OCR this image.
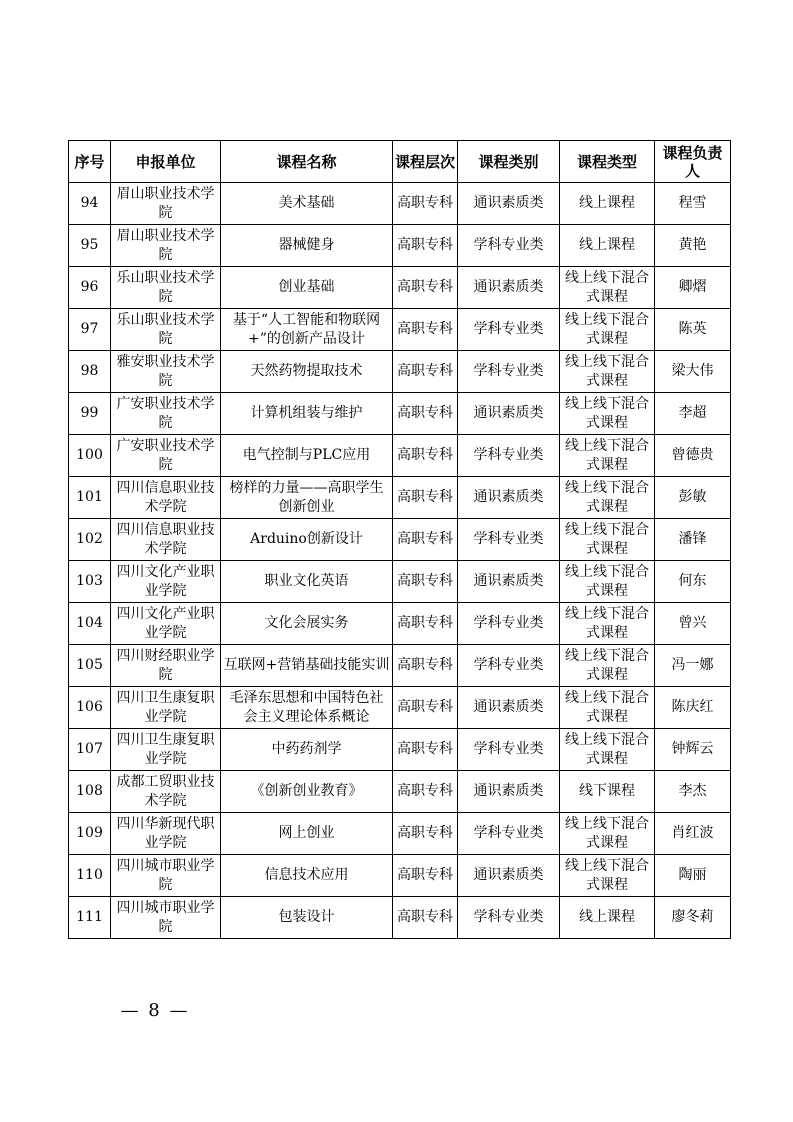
序号	申报单位	课程名称	课程层次	课程类别	课程类型	课程负责人
94	眉山职业技术学院	美术基础	高职专科	通识素质类	线上课程	程雪
95	眉山职业技术学院	器械健身	高职专科	学科专业类	线上课程	黄艳
96	乐山职业技术学院	创业基础	高职专科	通识素质类	线上线下混合式课程	卿熠
97	乐山职业技术学院	基于“人工智能和物联网+”的创新产品设计	高职专科	学科专业类	线上线下混合式课程	陈英
98	雅安职业技术学院	天然药物提取技术	高职专科	学科专业类	线上线下混合式课程	梁大伟
99	广安职业技术学院	计算机组装与维护	高职专科	通识素质类	线上线下混合式课程	李超
100	广安职业技术学院	电气控制与PLC应用	高职专科	学科专业类	线上线下混合式课程	曾德贵
101	四川信息职业技术学院	榜样的力量——高职学生创新创业	高职专科	通识素质类	线上线下混合式课程	彭敏
102	四川信息职业技术学院	Arduino创新设计	高职专科	学科专业类	线上线下混合式课程	潘锋
103	四川文化产业职业学院	职业文化英语	高职专科	通识素质类	线上线下混合式课程	何东
104	四川文化产业职业学院	文化会展实务	高职专科	学科专业类	线上线下混合式课程	曾兴
105	四川财经职业学院	互联网+营销基础技能实训	高职专科	学科专业类	线上线下混合式课程	冯一娜
106	四川卫生康复职业学院	毛泽东思想和中国特色社会主义理论体系概论	高职专科	通识素质类	线上线下混合式课程	陈庆红
107	四川卫生康复职业学院	中药药剂学	高职专科	学科专业类	线上线下混合式课程	钟辉云
108	成都工贸职业技术学院	《创新创业教育》	高职专科	通识素质类	线下课程	李杰
109	四川华新现代职业学院	网上创业	高职专科	学科专业类	线上线下混合式课程	肖红波
110	四川城市职业学院	信息技术应用	高职专科	通识素质类	线上线下混合式课程	陶丽
111	四川城市职业学院	包装设计	高职专科	学科专业类	线上课程	廖冬莉
— 8 —
